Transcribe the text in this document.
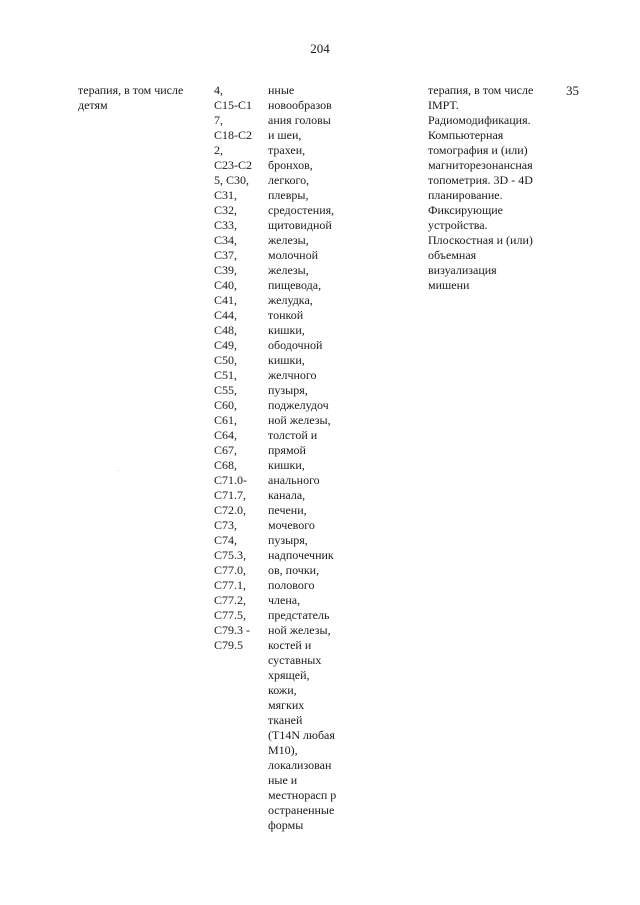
204
терапия, в том числе
детям
4,
C15-C1
7,
C18-C2
2,
C23-C2
5, C30,
C31,
C32,
C33,
C34,
C37,
C39,
C40,
C41,
C44,
C48,
C49,
C50,
C51,
C55,
C60,
C61,
C64,
C67,
C68,
C71.0-
C71.7,
C72.0,
C73,
C74,
C75.3,
C77.0,
C77.1,
C77.2,
C77.5,
C79.3 -
C79.5
нные
новообразов
ания головы
и шеи,
трахеи,
бронхов,
легкого,
плевры,
средостения,
щитовидной
железы,
молочной
железы,
пищевода,
желудка,
тонкой
кишки,
ободочной
кишки,
желчного
пузыря,
поджелудоч
ной железы,
толстой и
прямой
кишки,
анального
канала,
печени,
мочевого
пузыря,
надпочечник
ов, почки,
полового
члена,
предстатель
ной железы,
костей и
суставных
хрящей,
кожи,
мягких
тканей
(T14N любая
M10),
локализован
ные и
местнорасп р
остраненные
формы
терапия, в том числе
IMPT.
Радиомодификация.
Компьютерная
томография и (или)
магниторезонансная
топометрия. 3D - 4D
планирование.
Фиксирующие
устройства.
Плоскостная и (или)
объемная
визуализация
мишени
35
